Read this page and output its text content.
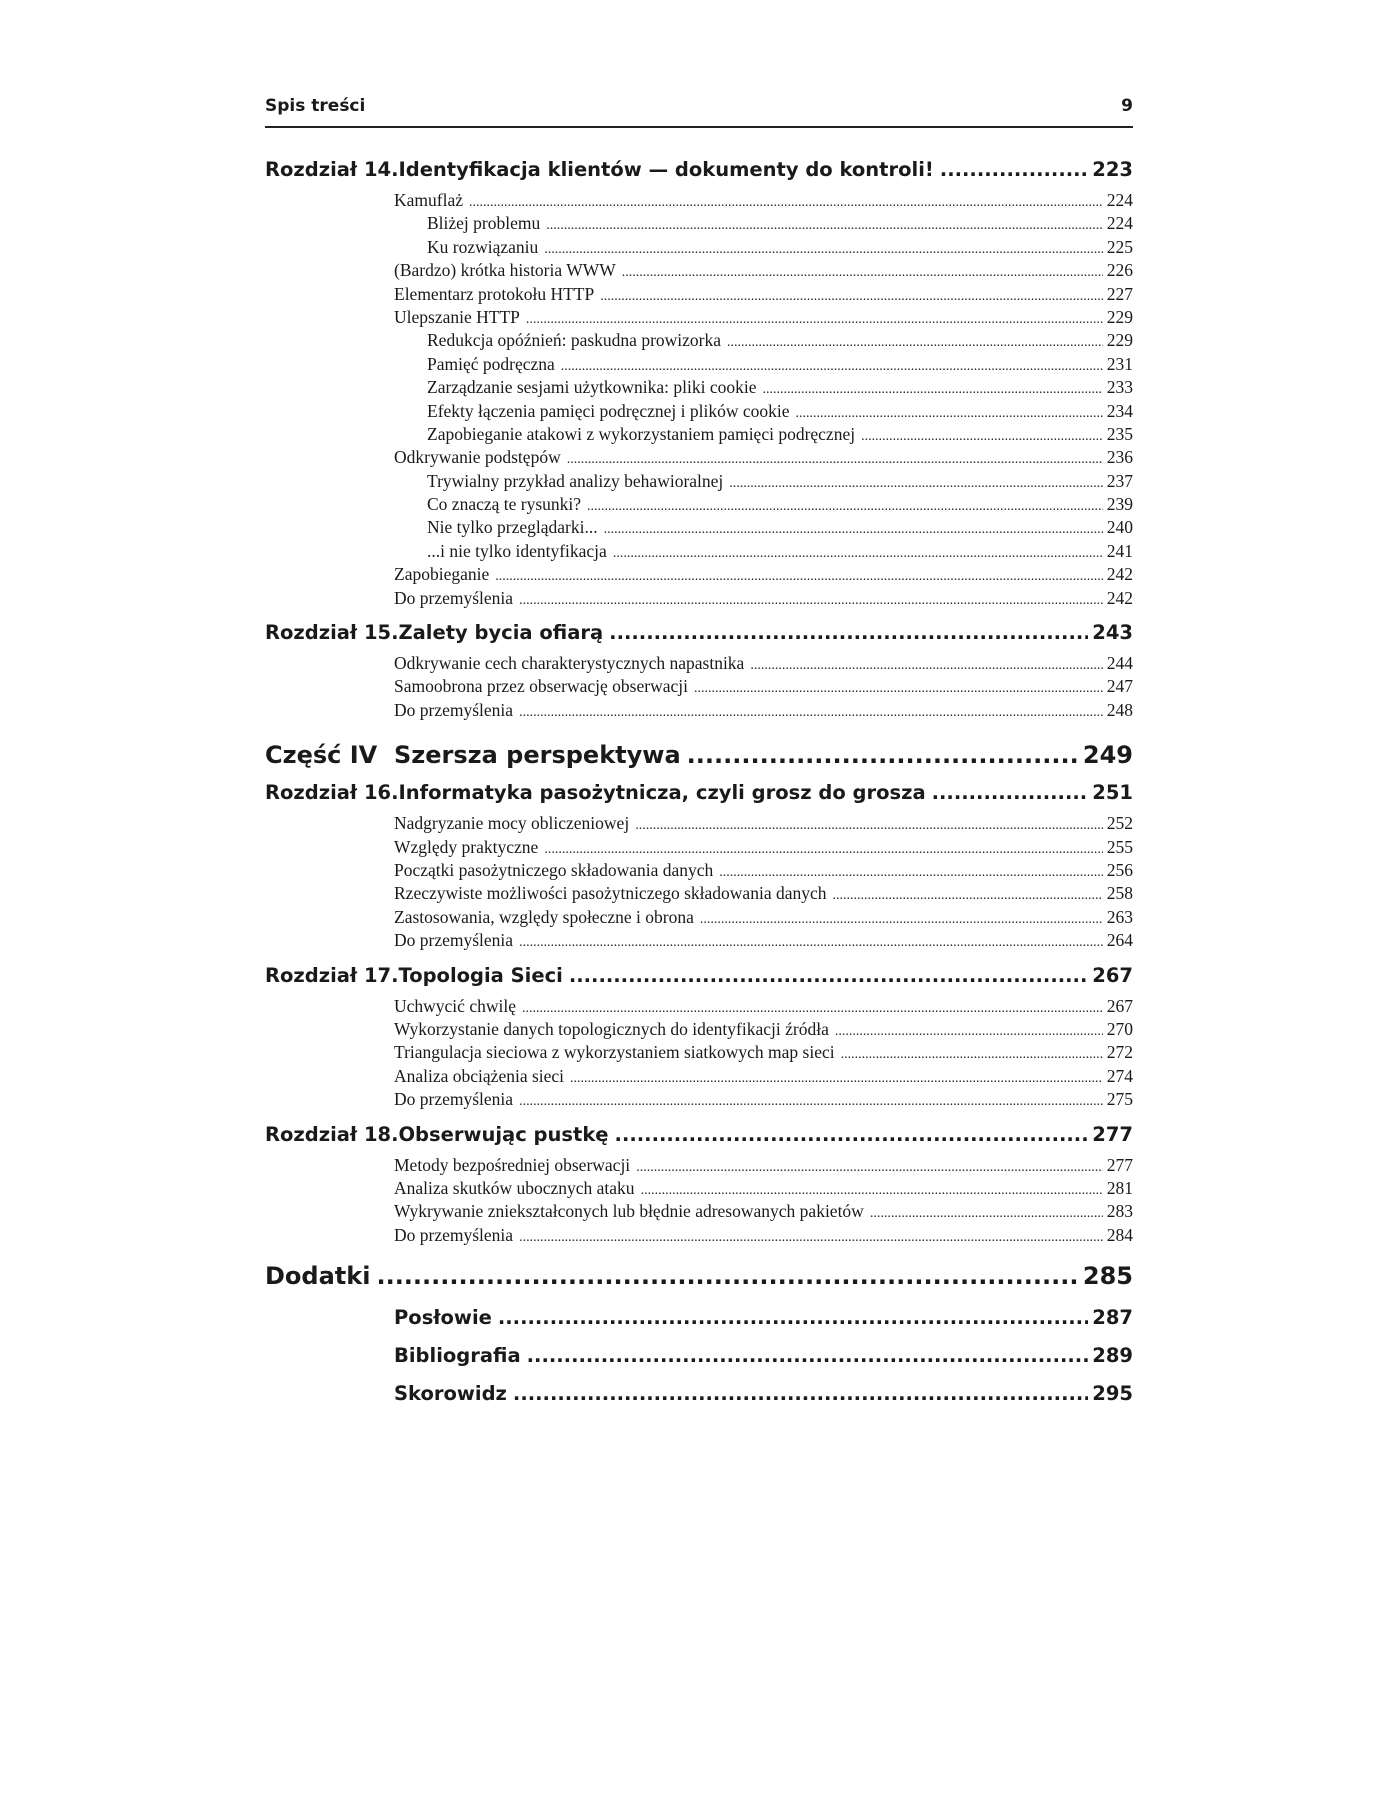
Spis treści	9
Rozdział 14. Identyfikacja klientów — dokumenty do kontroli! .....	223
Kamuflaż .....	224
Bliżej problemu .....	224
Ku rozwiązaniu .....	225
(Bardzo) krótka historia WWW .....	226
Elementarz protokołu HTTP .....	227
Ulepszanie HTTP .....	229
Redukcja opóźnień: paskudna prowizorka .....	229
Pamięć podręczna .....	231
Zarządzanie sesjami użytkownika: pliki cookie .....	233
Efekty łączenia pamięci podręcznej i plików cookie .....	234
Zapobieganie atakowi z wykorzystaniem pamięci podręcznej .....	235
Odkrywanie podstępów .....	236
Trywialny przykład analizy behawioralnej .....	237
Co znaczą te rysunki? .....	239
Nie tylko przeglądarki... .....	240
...i nie tylko identyfikacja .....	241
Zapobieganie .....	242
Do przemyślenia .....	242
Rozdział 15. Zalety bycia ofiarą .....	243
Odkrywanie cech charakterystycznych napastnika .....	244
Samoobrona przez obserwację obserwacji .....	247
Do przemyślenia .....	248
Część IV Szersza perspektywa .....	249
Rozdział 16. Informatyka pasożytnicza, czyli grosz do grosza .....	251
Nadgryzanie mocy obliczeniowej .....	252
Względy praktyczne .....	255
Początki pasożytniczego składowania danych .....	256
Rzeczywiste możliwości pasożytniczego składowania danych .....	258
Zastosowania, względy społeczne i obrona .....	263
Do przemyślenia .....	264
Rozdział 17. Topologia Sieci .....	267
Uchwycić chwilę .....	267
Wykorzystanie danych topologicznych do identyfikacji źródła .....	270
Triangulacja sieciowa z wykorzystaniem siatkowych map sieci .....	272
Analiza obciążenia sieci .....	274
Do przemyślenia .....	275
Rozdział 18. Obserwując pustkę .....	277
Metody bezpośredniej obserwacji .....	277
Analiza skutków ubocznych ataku .....	281
Wykrywanie zniekształconych lub błędnie adresowanych pakietów .....	283
Do przemyślenia .....	284
Dodatki .....	285
Posłowie .....	287
Bibliografia .....	289
Skorowidz .....	295
